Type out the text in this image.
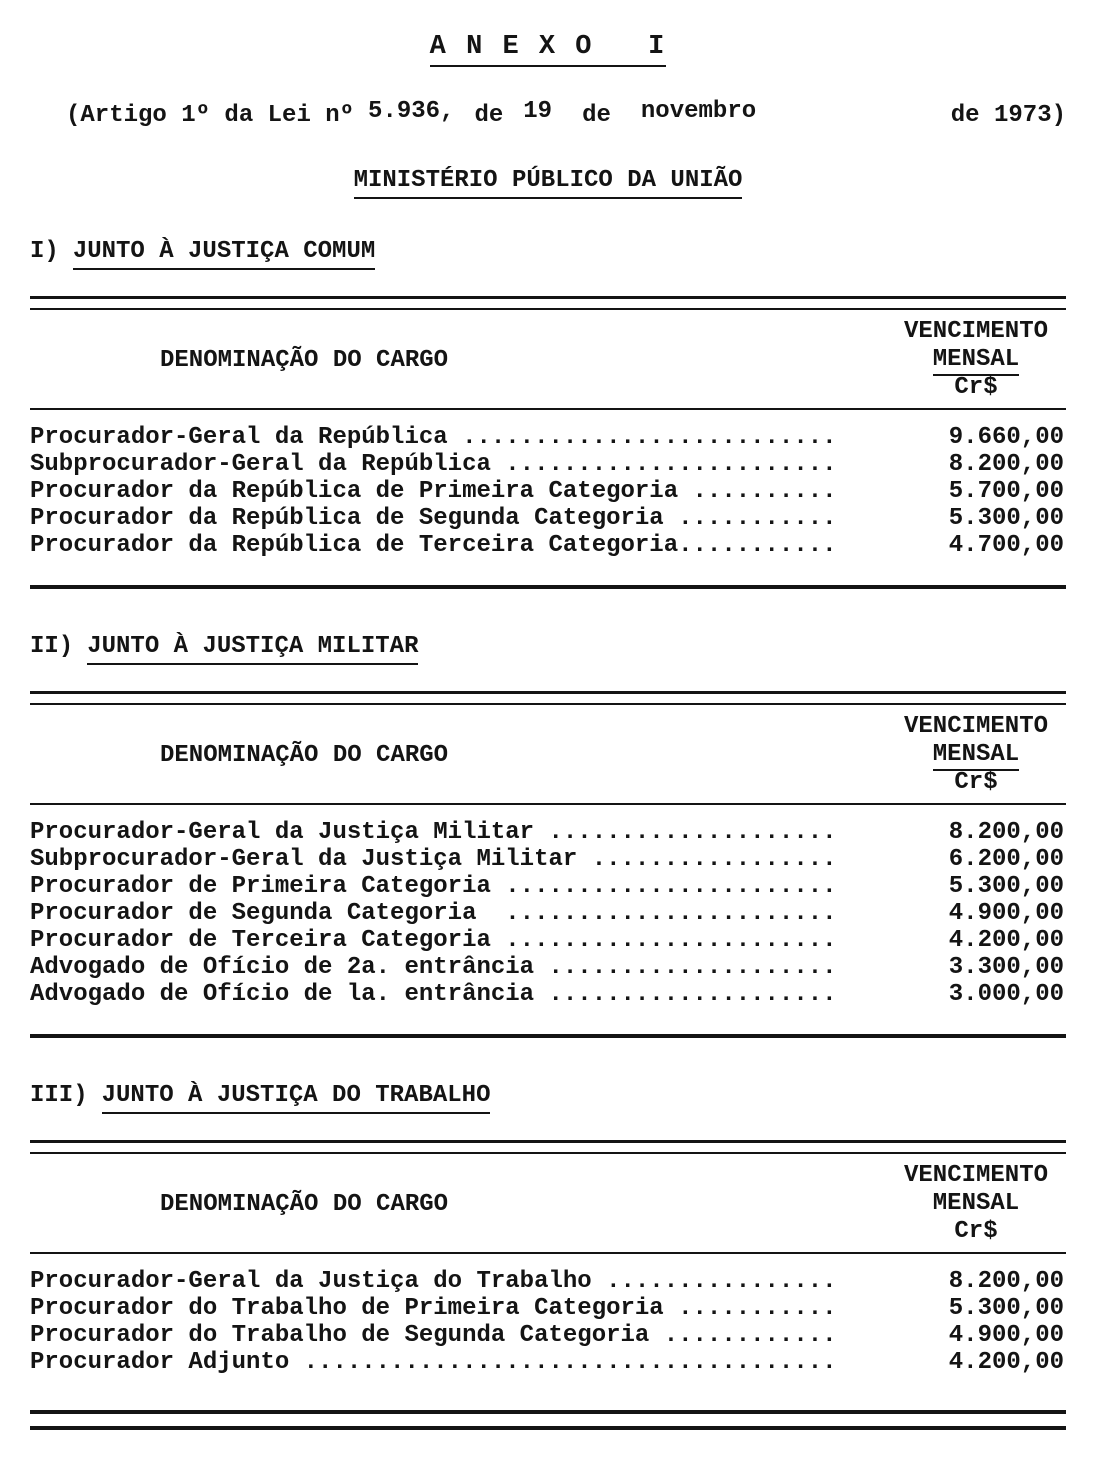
A N E X O   I
(Artigo 1º da Lei nº 5.936, de 19 de novembro	de 1973)
MINISTÉRIO PÚBLICO DA UNIÃO
I) JUNTO À JUSTIÇA COMUM
DENOMINAÇÃO DO CARGO
VENCIMENTO
MENSAL
Cr$
Procurador-Geral da República ..........................	9.660,00
Subprocurador-Geral da República .......................	8.200,00
Procurador da República de Primeira Categoria ..........	5.700,00
Procurador da República de Segunda Categoria ...........	5.300,00
Procurador da República de Terceira Categoria...........	4.700,00
II) JUNTO À JUSTIÇA MILITAR
DENOMINAÇÃO DO CARGO
VENCIMENTO
MENSAL
Cr$
Procurador-Geral da Justiça Militar ....................	8.200,00
Subprocurador-Geral da Justiça Militar .................	6.200,00
Procurador de Primeira Categoria .......................	5.300,00
Procurador de Segunda Categoria  .......................	4.900,00
Procurador de Terceira Categoria .......................	4.200,00
Advogado de Ofício de 2a. entrância ....................	3.300,00
Advogado de Ofício de la. entrância ....................	3.000,00
III) JUNTO À JUSTIÇA DO TRABALHO
DENOMINAÇÃO DO CARGO
VENCIMENTO
MENSAL
Cr$
Procurador-Geral da Justiça do Trabalho ................	8.200,00
Procurador do Trabalho de Primeira Categoria ...........	5.300,00
Procurador do Trabalho de Segunda Categoria ............	4.900,00
Procurador Adjunto .....................................	4.200,00
